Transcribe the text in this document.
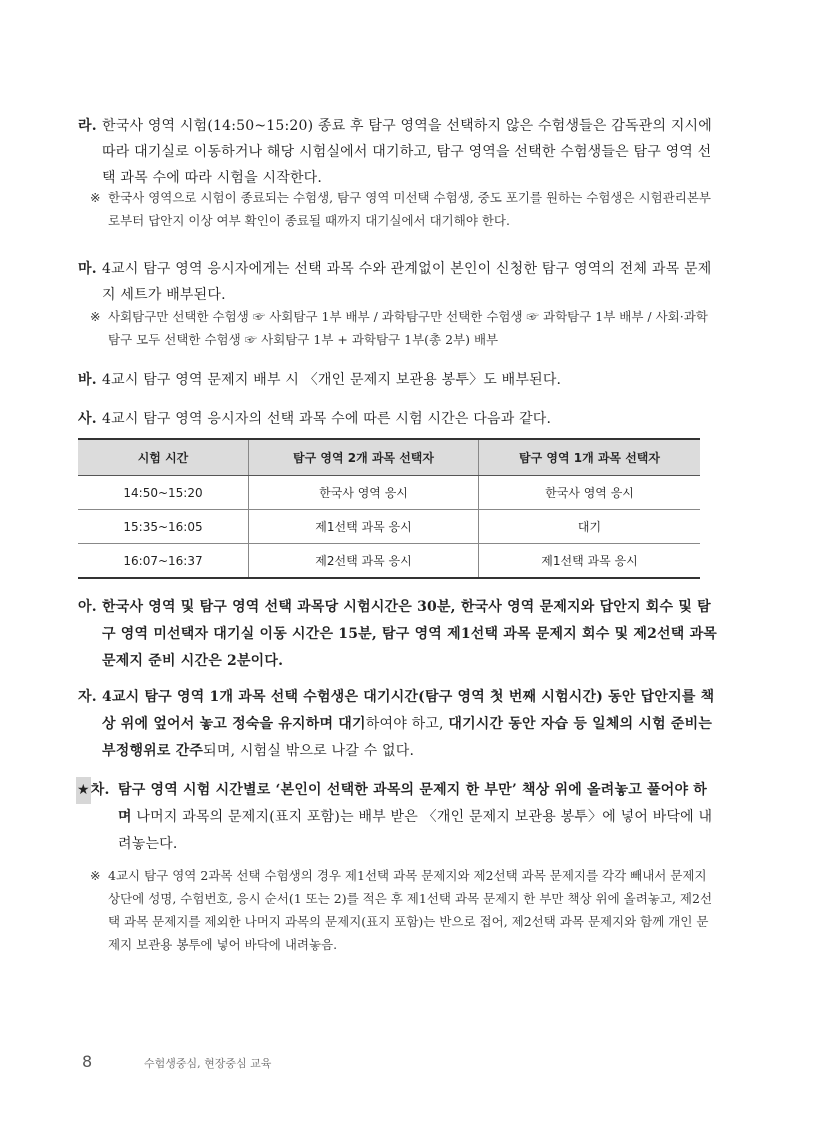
라. 한국사 영역 시험(14:50~15:20) 종료 후 탐구 영역을 선택하지 않은 수험생들은 감독관의 지시에 따라 대기실로 이동하거나 해당 시험실에서 대기하고, 탐구 영역을 선택한 수험생들은 탐구 영역 선택 과목 수에 따라 시험을 시작한다.
※ 한국사 영역으로 시험이 종료되는 수험생, 탐구 영역 미선택 수험생, 중도 포기를 원하는 수험생은 시험관리본부로부터 답안지 이상 여부 확인이 종료될 때까지 대기실에서 대기해야 한다.
마. 4교시 탐구 영역 응시자에게는 선택 과목 수와 관계없이 본인이 신청한 탐구 영역의 전체 과목 문제지 세트가 배부된다.
※ 사회탐구만 선택한 수험생 ☞ 사회탐구 1부 배부 / 과학탐구만 선택한 수험생 ☞ 과학탐구 1부 배부 / 사회·과학탐구 모두 선택한 수험생 ☞ 사회탐구 1부 + 과학탐구 1부(총 2부) 배부
바. 4교시 탐구 영역 문제지 배부 시 〈개인 문제지 보관용 봉투〉도 배부된다.
사. 4교시 탐구 영역 응시자의 선택 과목 수에 따른 시험 시간은 다음과 같다.
시험 시간	탐구 영역 2개 과목 선택자	탐구 영역 1개 과목 선택자
14:50~15:20	한국사 영역 응시	한국사 영역 응시
15:35~16:05	제1선택 과목 응시	대기
16:07~16:37	제2선택 과목 응시	제1선택 과목 응시
아. 한국사 영역 및 탐구 영역 선택 과목당 시험시간은 30분, 한국사 영역 문제지와 답안지 회수 및 탐구 영역 미선택자 대기실 이동 시간은 15분, 탐구 영역 제1선택 과목 문제지 회수 및 제2선택 과목 문제지 준비 시간은 2분이다.
자. 4교시 탐구 영역 1개 과목 선택 수험생은 대기시간(탐구 영역 첫 번째 시험시간) 동안 답안지를 책상 위에 엎어서 놓고 정숙을 유지하며 대기하여야 하고, 대기시간 동안 자습 등 일체의 시험 준비는 부정행위로 간주되며, 시험실 밖으로 나갈 수 없다.
★차. 탐구 영역 시험 시간별로 ‘본인이 선택한 과목의 문제지 한 부만’ 책상 위에 올려놓고 풀어야 하며 나머지 과목의 문제지(표지 포함)는 배부 받은 〈개인 문제지 보관용 봉투〉에 넣어 바닥에 내려놓는다.
※ 4교시 탐구 영역 2과목 선택 수험생의 경우 제1선택 과목 문제지와 제2선택 과목 문제지를 각각 빼내서 문제지 상단에 성명, 수험번호, 응시 순서(1 또는 2)를 적은 후 제1선택 과목 문제지 한 부만 책상 위에 올려놓고, 제2선택 과목 문제지를 제외한 나머지 과목의 문제지(표지 포함)는 반으로 접어, 제2선택 과목 문제지와 함께 개인 문제지 보관용 봉투에 넣어 바닥에 내려놓음.
8	수험생중심, 현장중심 교육
